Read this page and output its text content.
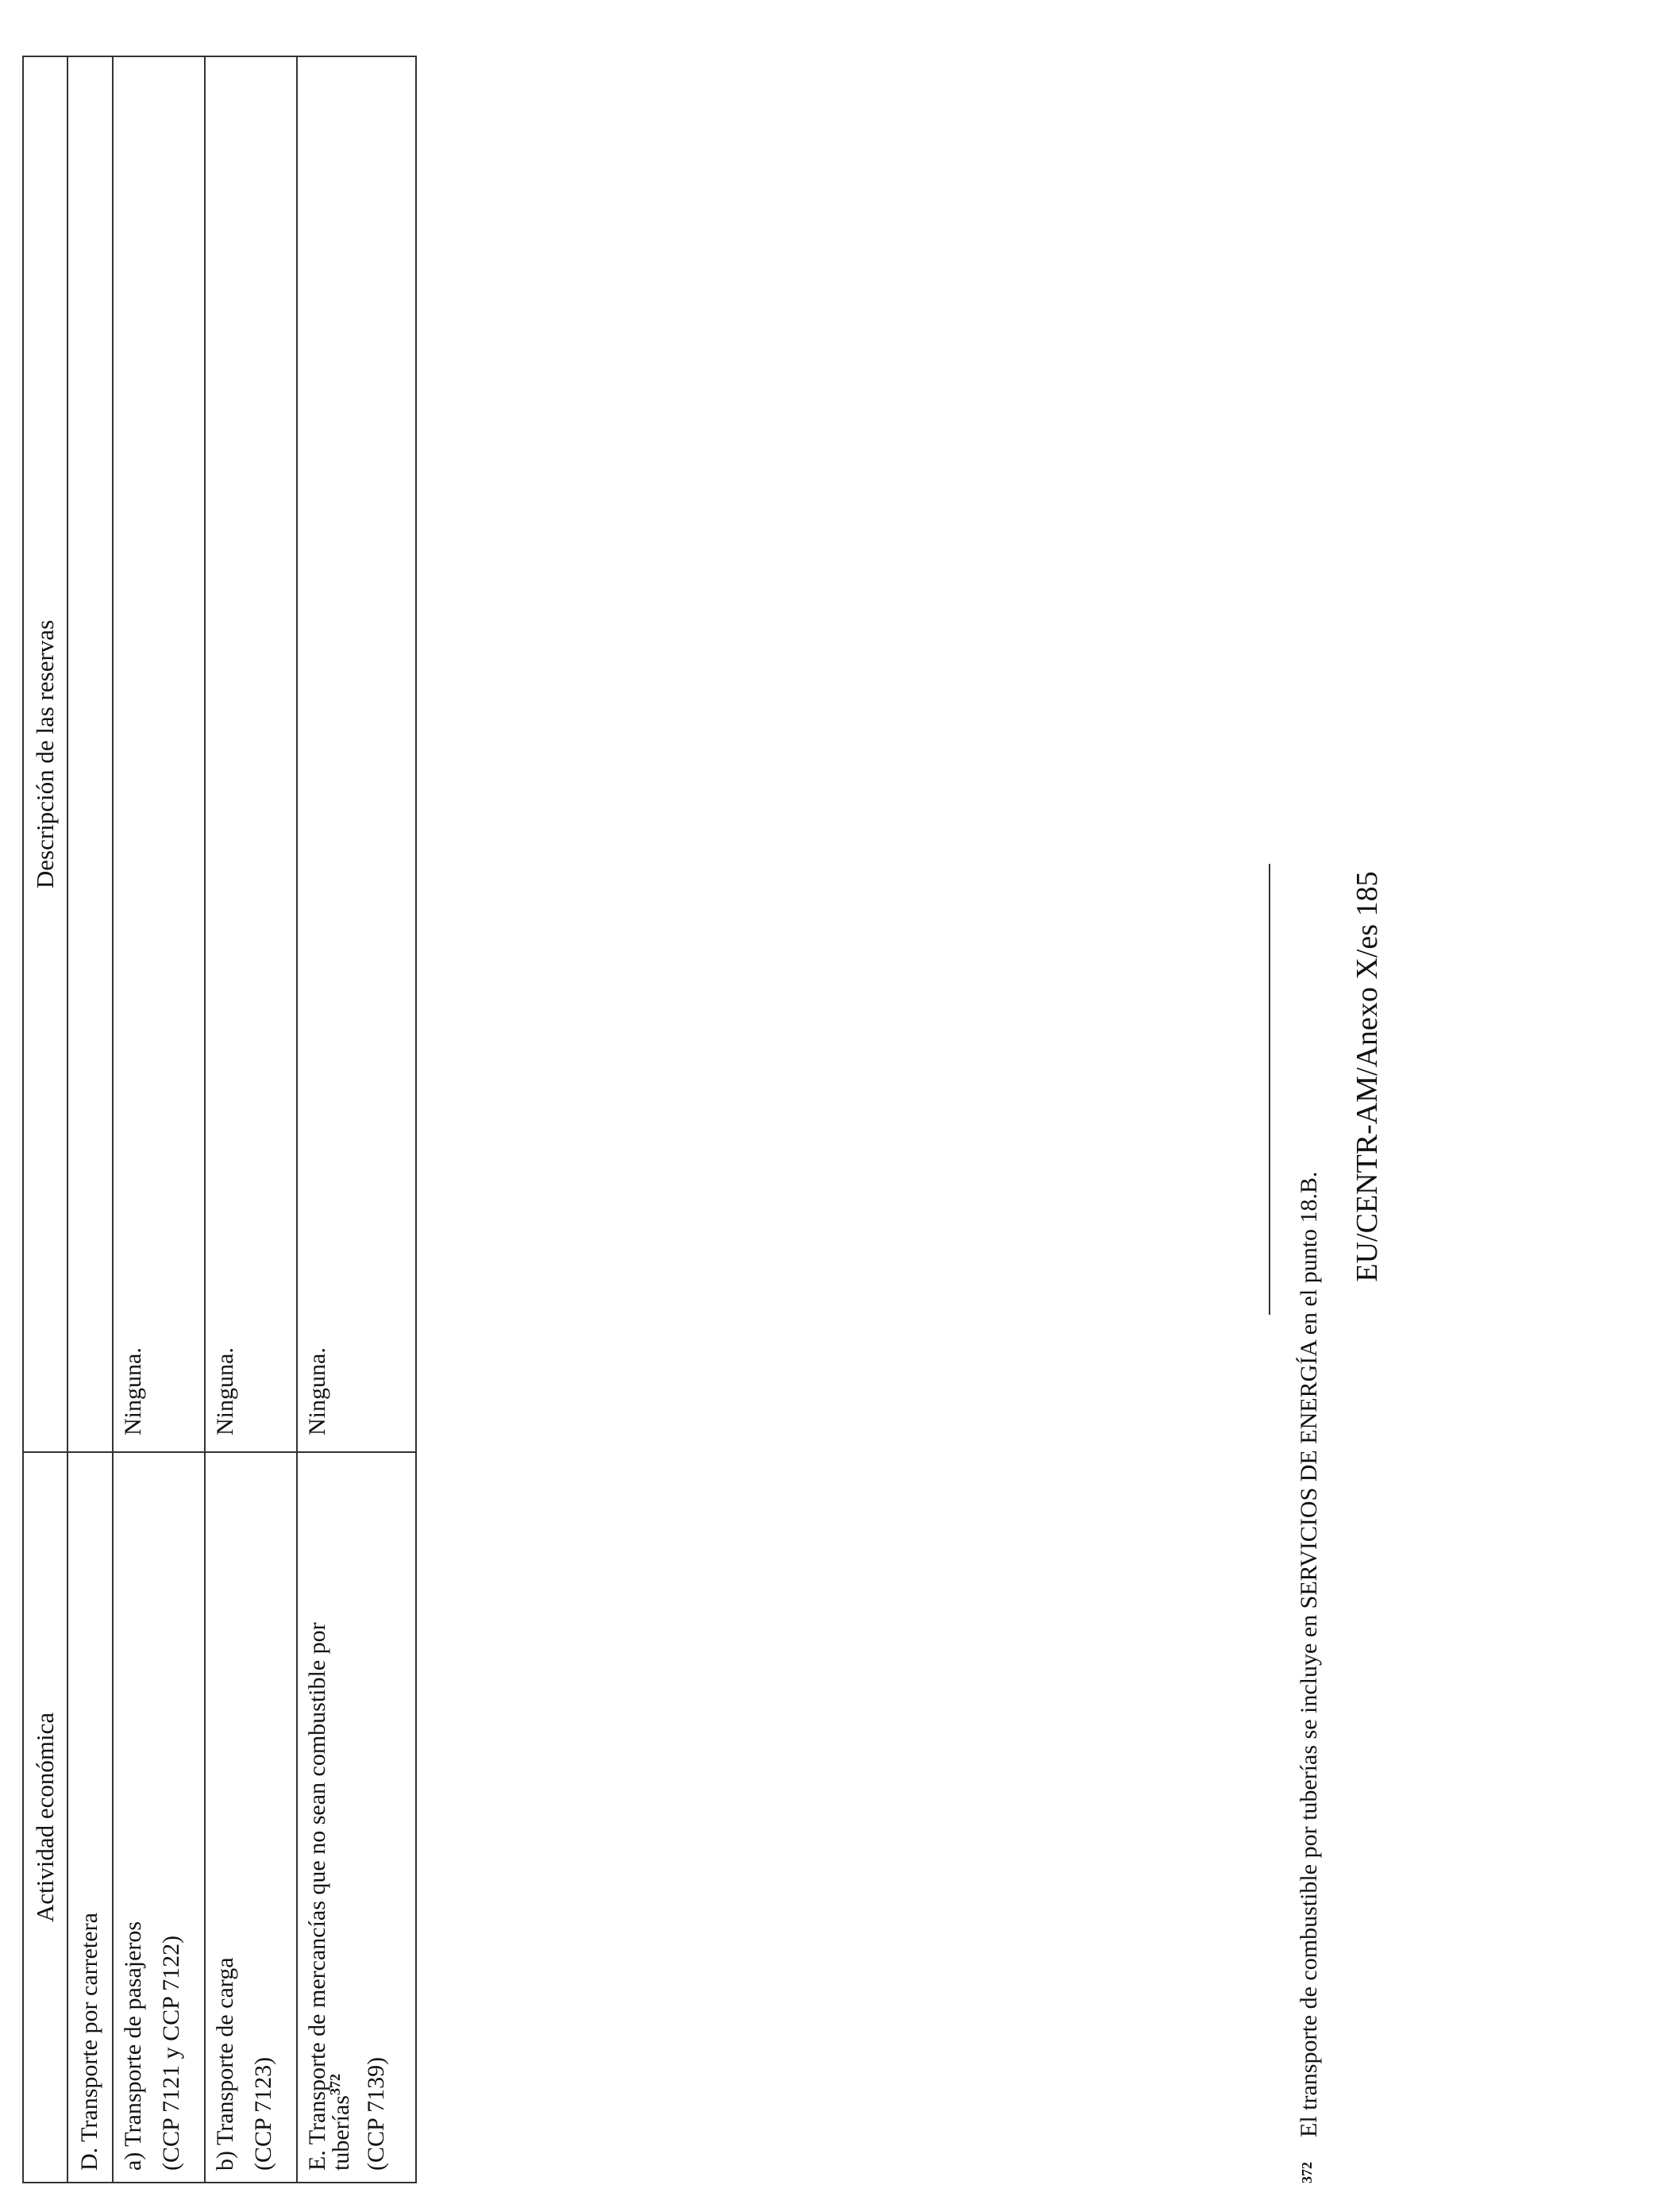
Actividad económica	Descripción de las reservas
D. Transporte por carretera	

a) Transporte de pasajeros (CCP 7121 y CCP 7122)	Ninguna.

b) Transporte de carga (CCP 7123)	Ninguna.

E. Transporte de mercancías que no sean combustible por
tuberías$^{372}$ (CCP 7139)	Ninguna.
372El transporte de combustible por tuberías se incluye en SERVICIOS DE ENERGÍA en el punto 18.B.
EU/CENTR-AM/Anexo X/es 185
